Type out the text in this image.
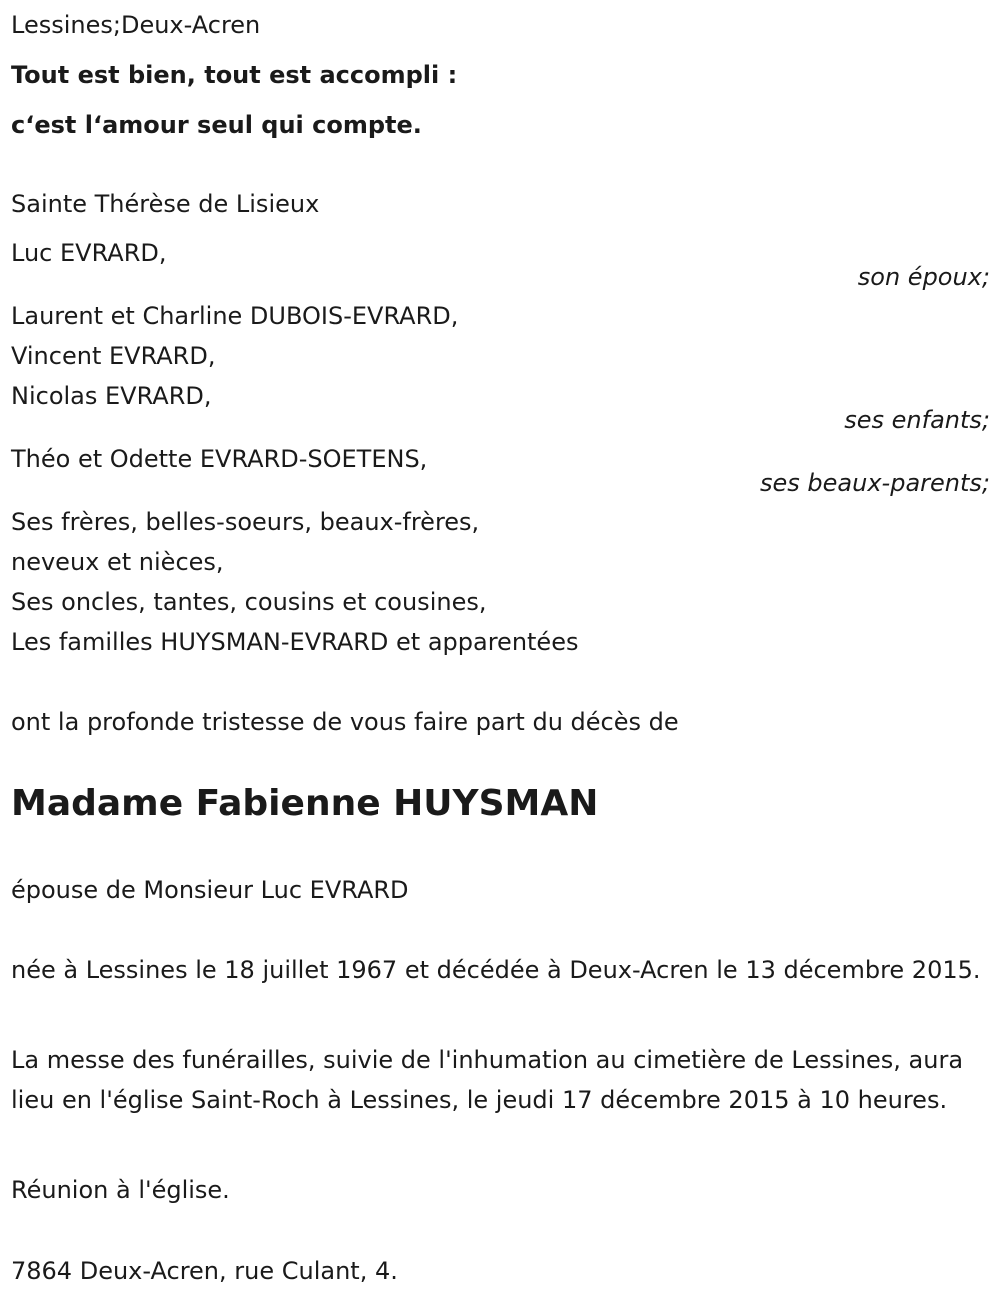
Lessines;Deux-Acren
Tout est bien, tout est accompli :
c‘est l‘amour seul qui compte.
Sainte Thérèse de Lisieux
Luc EVRARD,
son époux;
Laurent et Charline DUBOIS-EVRARD,
Vincent EVRARD,
Nicolas EVRARD,
ses enfants;
Théo et Odette EVRARD-SOETENS,
ses beaux-parents;
Ses frères, belles-soeurs, beaux-frères,
neveux et nièces,
Ses oncles, tantes, cousins et cousines,
Les familles HUYSMAN-EVRARD et apparentées
ont la profonde tristesse de vous faire part du décès de
Madame Fabienne HUYSMAN
épouse de Monsieur Luc EVRARD
née à Lessines le 18 juillet 1967 et décédée à Deux-Acren le 13 décembre 2015.
La messe des funérailles, suivie de l'inhumation au cimetière de Lessines, aura lieu en l'église Saint-Roch à Lessines, le jeudi 17 décembre 2015 à 10 heures.
Réunion à l'église.
7864 Deux-Acren, rue Culant, 4.
